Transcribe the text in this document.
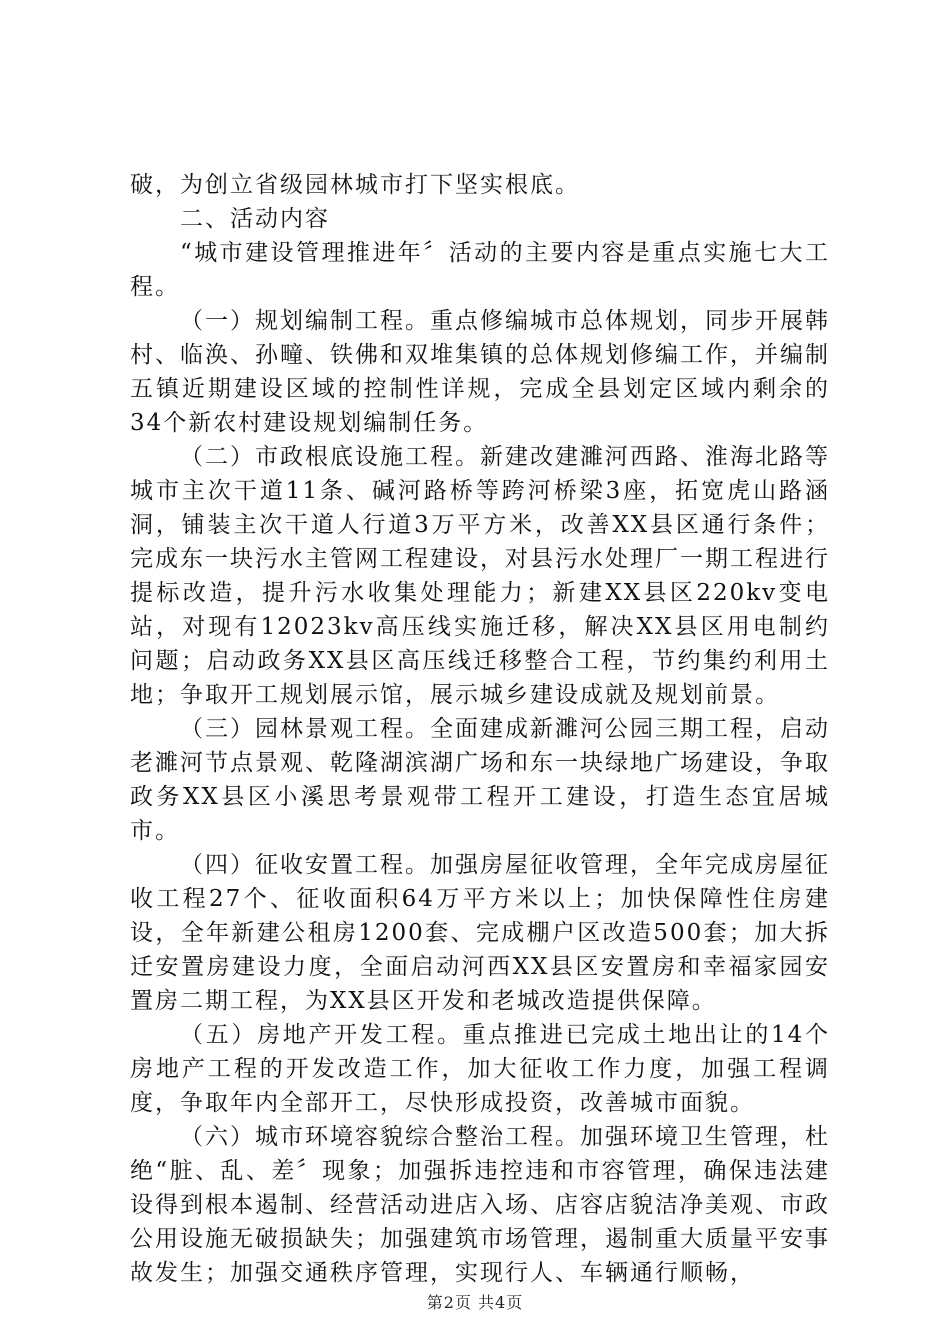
破，为创立省级园林城市打下坚实根底。

二、活动内容

“城市建设管理推进年〞活动的主要内容是重点实施七大工程。

（一）规划编制工程。重点修编城市总体规划，同步开展韩村、临涣、孙疃、铁佛和双堆集镇的总体规划修编工作，并编制五镇近期建设区域的控制性详规，完成全县划定区域内剩余的34个新农村建设规划编制任务。

（二）市政根底设施工程。新建改建濉河西路、淮海北路等城市主次干道11条、碱河路桥等跨河桥梁3座，拓宽虎山路涵洞，铺装主次干道人行道3万平方米，改善XX县区通行条件；完成东一块污水主管网工程建设，对县污水处理厂一期工程进行提标改造，提升污水收集处理能力；新建XX县区220kv变电站，对现有12023kv高压线实施迁移，解决XX县区用电制约问题；启动政务XX县区高压线迁移整合工程，节约集约利用土地；争取开工规划展示馆，展示城乡建设成就及规划前景。

（三）园林景观工程。全面建成新濉河公园三期工程，启动老濉河节点景观、乾隆湖滨湖广场和东一块绿地广场建设，争取政务XX县区小溪思考景观带工程开工建设，打造生态宜居城市。

（四）征收安置工程。加强房屋征收管理，全年完成房屋征收工程27个、征收面积64万平方米以上；加快保障性住房建设，全年新建公租房1200套、完成棚户区改造500套；加大拆迁安置房建设力度，全面启动河西XX县区安置房和幸福家园安置房二期工程，为XX县区开发和老城改造提供保障。

（五）房地产开发工程。重点推进已完成土地出让的14个房地产工程的开发改造工作，加大征收工作力度，加强工程调度，争取年内全部开工，尽快形成投资，改善城市面貌。

（六）城市环境容貌综合整治工程。加强环境卫生管理，杜绝“脏、乱、差〞现象；加强拆违控违和市容管理，确保违法建设得到根本遏制、经营活动进店入场、店容店貌洁净美观、市政公用设施无破损缺失；加强建筑市场管理，遏制重大质量平安事故发生；加强交通秩序管理，实现行人、车辆通行顺畅，

第2页 共4页
